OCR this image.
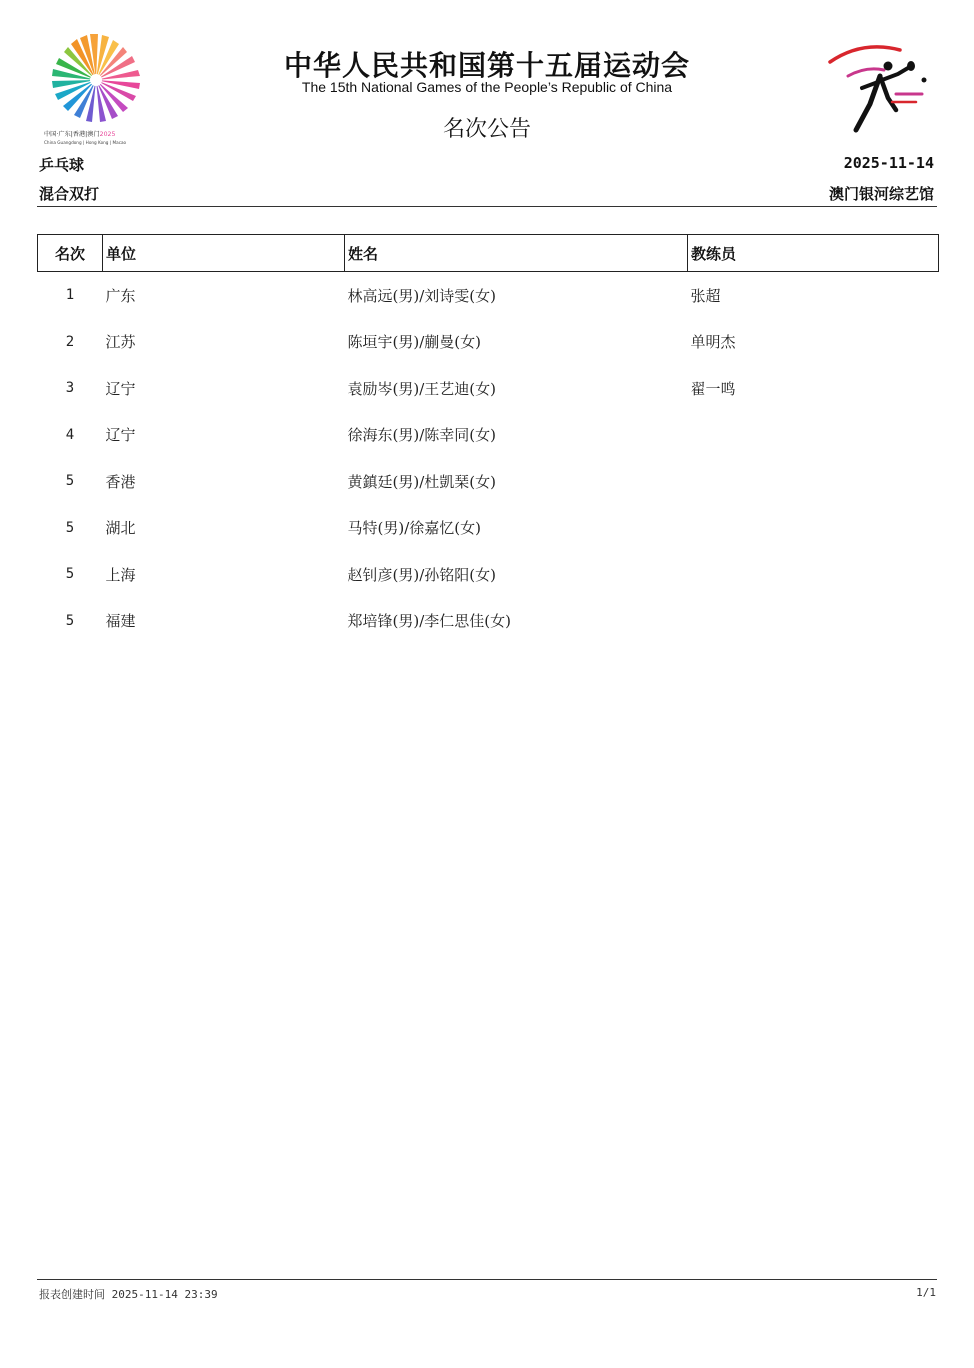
中国·广东|香港|澳门2025
China Guangdong | Hong Kong | Macao
中华人民共和国第十五届运动会
The 15th National Games of the People’s Republic of China
名次公告
乒乓球
混合双打
2025-11-14
澳门银河综艺馆
名次	单位	姓名	教练员
1	广东	林高远(男)/刘诗雯(女)	张超
2	江苏	陈垣宇(男)/蒯曼(女)	单明杰
3	辽宁	袁励岑(男)/王艺迪(女)	翟一鸣
4	辽宁	徐海东(男)/陈幸同(女)	
5	香港	黄鎮廷(男)/杜凱琹(女)	
5	湖北	马特(男)/徐嘉忆(女)	
5	上海	赵钊彦(男)/孙铭阳(女)	
5	福建	郑培锋(男)/李仁思佳(女)	
报表创建时间 2025-11-14 23:39	1/1
